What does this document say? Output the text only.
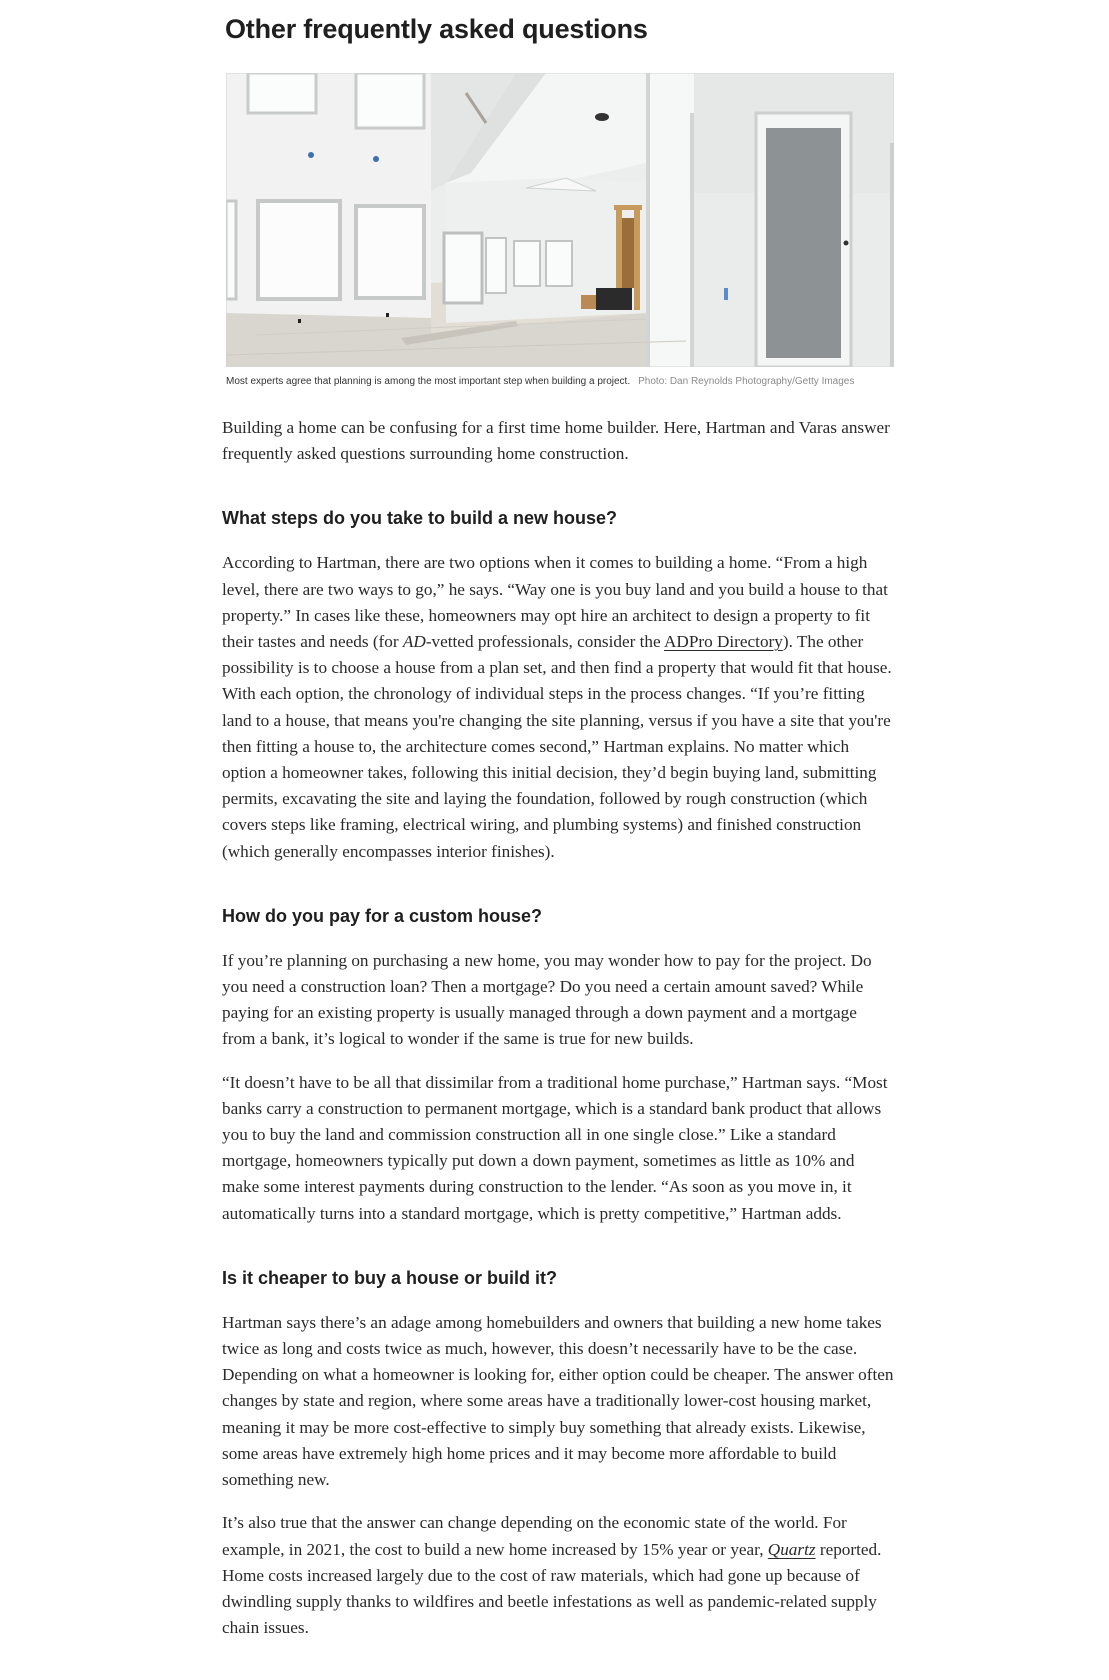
Other frequently asked questions
Most experts agree that planning is among the most important step when building a project. Photo: Dan Reynolds Photography/Getty Images

Building a home can be confusing for a first time home builder. Here, Hartman and Varas answer frequently asked questions surrounding home construction.

What steps do you take to build a new house?

According to Hartman, there are two options when it comes to building a home. “From a high level, there are two ways to go,” he says. “Way one is you buy land and you build a house to that property.” In cases like these, homeowners may opt hire an architect to design a property to fit their tastes and needs (for AD-vetted professionals, consider the ADPro Directory). The other possibility is to choose a house from a plan set, and then find a property that would fit that house. With each option, the chronology of individual steps in the process changes. “If you’re fitting land to a house, that means you're changing the site planning, versus if you have a site that you're then fitting a house to, the architecture comes second,” Hartman explains. No matter which option a homeowner takes, following this initial decision, they’d begin buying land, submitting permits, excavating the site and laying the foundation, followed by rough construction (which covers steps like framing, electrical wiring, and plumbing systems) and finished construction (which generally encompasses interior finishes).

How do you pay for a custom house?

If you’re planning on purchasing a new home, you may wonder how to pay for the project. Do you need a construction loan? Then a mortgage? Do you need a certain amount saved? While paying for an existing property is usually managed through a down payment and a mortgage from a bank, it’s logical to wonder if the same is true for new builds.

“It doesn’t have to be all that dissimilar from a traditional home purchase,” Hartman says. “Most banks carry a construction to permanent mortgage, which is a standard bank product that allows you to buy the land and commission construction all in one single close.” Like a standard mortgage, homeowners typically put down a down payment, sometimes as little as 10% and make some interest payments during construction to the lender. “As soon as you move in, it automatically turns into a standard mortgage, which is pretty competitive,” Hartman adds.

Is it cheaper to buy a house or build it?

Hartman says there’s an adage among homebuilders and owners that building a new home takes twice as long and costs twice as much, however, this doesn’t necessarily have to be the case. Depending on what a homeowner is looking for, either option could be cheaper. The answer often changes by state and region, where some areas have a traditionally lower-cost housing market, meaning it may be more cost-effective to simply buy something that already exists. Likewise, some areas have extremely high home prices and it may become more affordable to build something new.

It’s also true that the answer can change depending on the economic state of the world. For example, in 2021, the cost to build a new home increased by 15% year or year, Quartz reported. Home costs increased largely due to the cost of raw materials, which had gone up because of dwindling supply thanks to wildfires and beetle infestations as well as pandemic-related supply chain issues.
